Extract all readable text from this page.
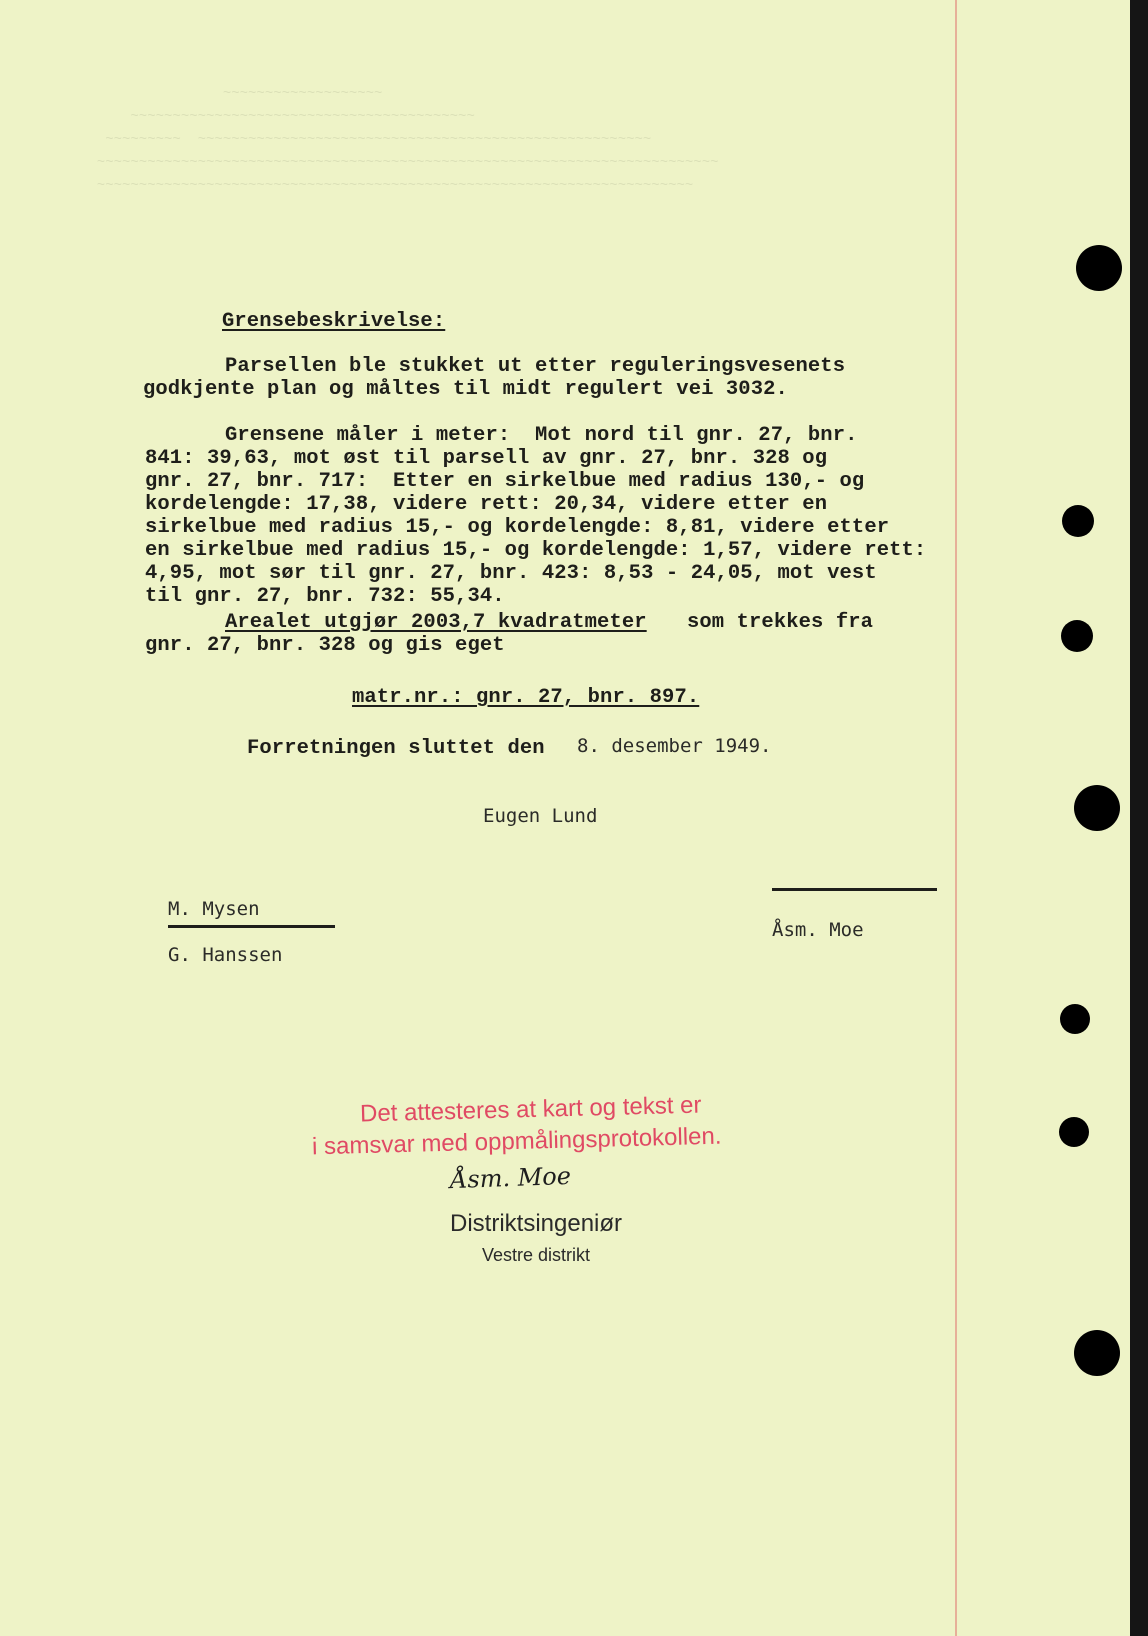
~~~~~~~~~~~~~~~~~~~
~~~~~~~~~~~~~~~~~~~~~~~~~~~~~~~~~~~~~~~~~
~~~~~~~~~  ~~~~~~~~~~~~~~~~~~~~~~~~~~~~~~~~~~~~~~~~~~~~~~~~~~~~~~
~~~~~~~~~~~~~~~~~~~~~~~~~~~~~~~~~~~~~~~~~~~~~~~~~~~~~~~~~~~~~~~~~~~~~~~~~~
~~~~~~~~~~~~~~~~~~~~~~~~~~~~~~~~~~~~~~~~~~~~~~~~~~~~~~~~~~~~~~~~~~~~~~~

Grensebeskrivelse:
Parsellen ble stukket ut etter reguleringsvesenets
godkjente plan og måltes til midt regulert vei 3032.
Grensene måler i meter:  Mot nord til gnr. 27, bnr.
841: 39,63, mot øst til parsell av gnr. 27, bnr. 328 og
gnr. 27, bnr. 717:  Etter en sirkelbue med radius 130,- og
kordelengde: 17,38, videre rett: 20,34, videre etter en
sirkelbue med radius 15,- og kordelengde: 8,81, videre etter
en sirkelbue med radius 15,- og kordelengde: 1,57, videre rett:
4,95, mot sør til gnr. 27, bnr. 423: 8,53 - 24,05, mot vest
til gnr. 27, bnr. 732: 55,34.
Arealet utgjør 2003,7 kvadratmeter som trekkes fra
gnr. 27, bnr. 328 og gis eget
matr.nr.: gnr. 27, bnr. 897.
Forretningen sluttet den 8. desember 1949.
Eugen Lund
Åsm. Moe
M. Mysen
G. Hanssen
Det attesteres at kart og tekst er
i samsvar med oppmålingsprotokollen.
Åsm. Moe
Distriktsingeniør
Vestre distrikt
